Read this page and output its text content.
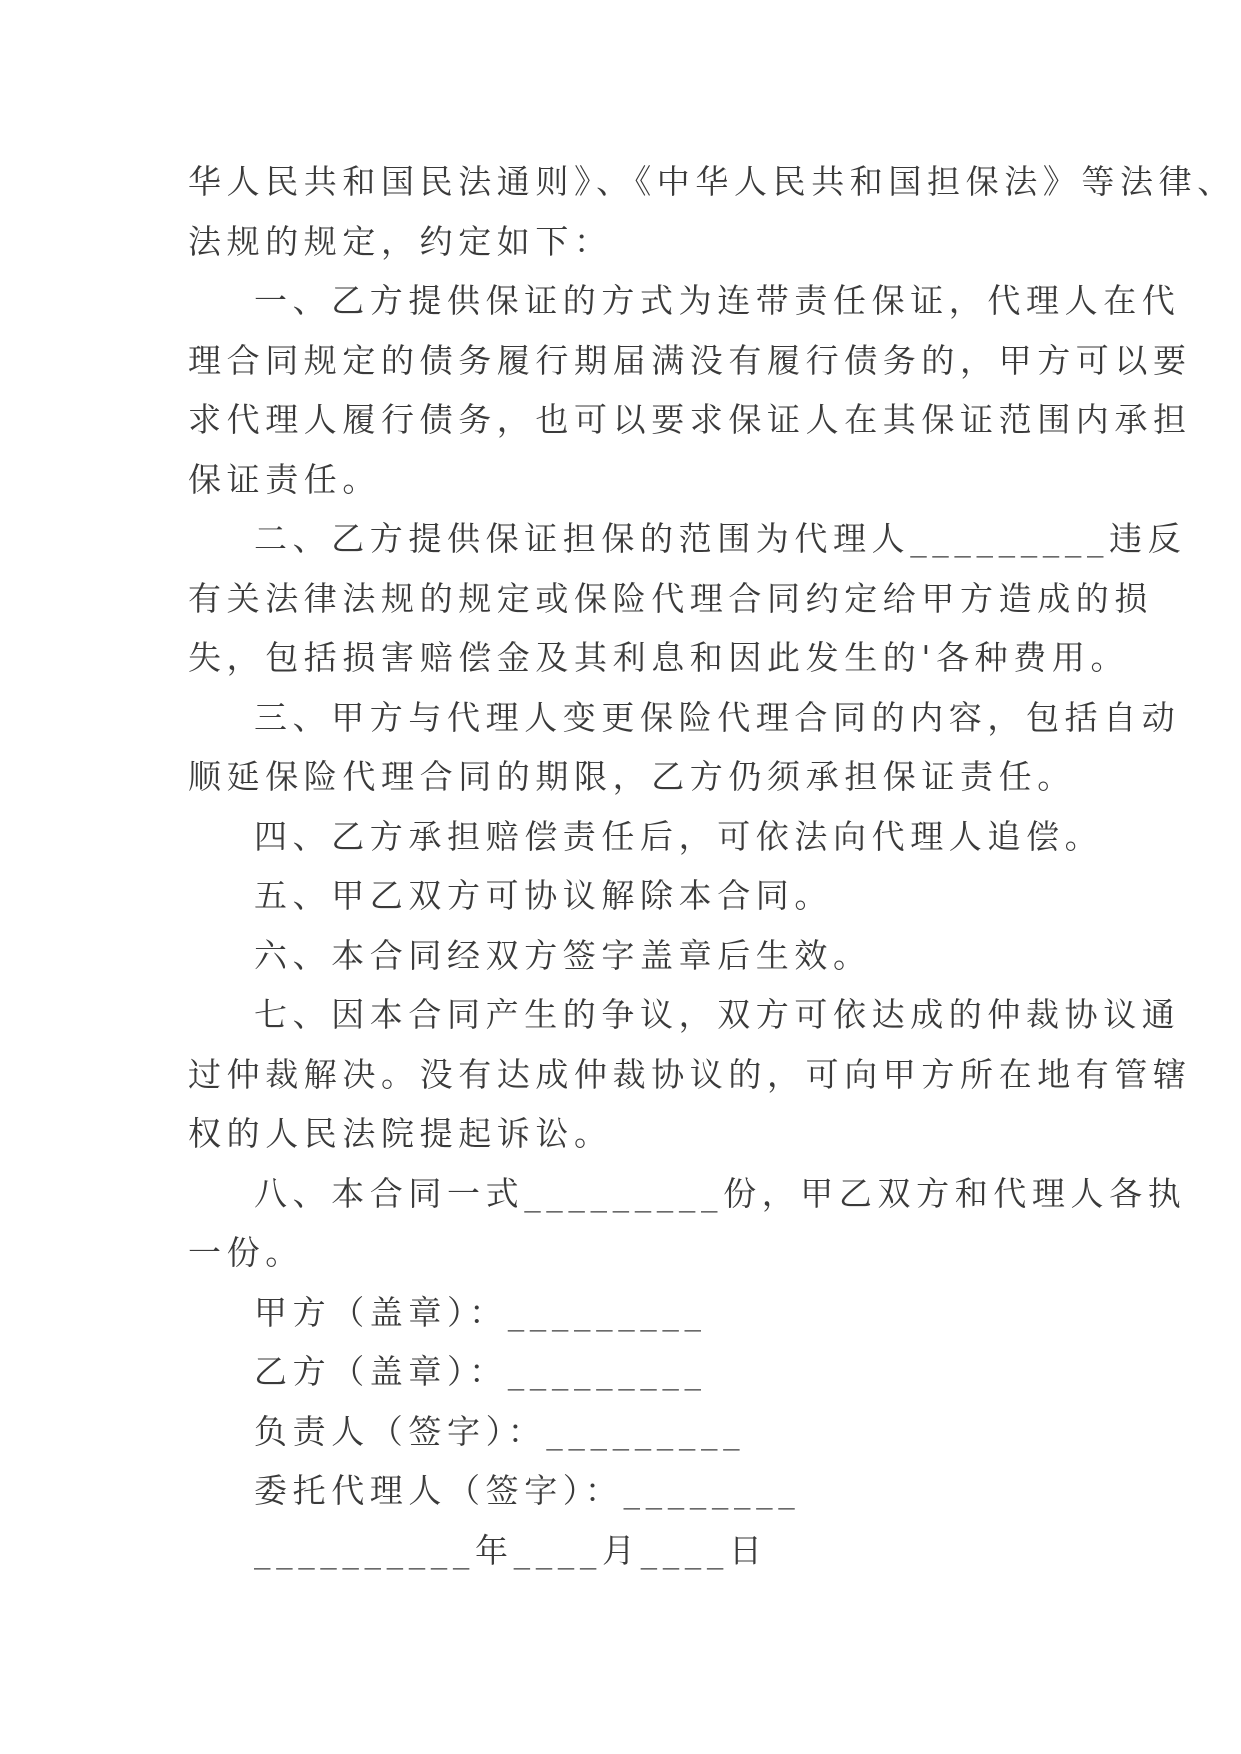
华人民共和国民法通则》、《中华人民共和国担保法》等法律、

法规的规定，约定如下：

一、乙方提供保证的方式为连带责任保证，代理人在代

理合同规定的债务履行期届满没有履行债务的，甲方可以要

求代理人履行债务，也可以要求保证人在其保证范围内承担

保证责任。

二、乙方提供保证担保的范围为代理人_________违反

有关法律法规的规定或保险代理合同约定给甲方造成的损

失，包括损害赔偿金及其利息和因此发生的'各种费用。

三、甲方与代理人变更保险代理合同的内容，包括自动

顺延保险代理合同的期限，乙方仍须承担保证责任。

四、乙方承担赔偿责任后，可依法向代理人追偿。

五、甲乙双方可协议解除本合同。

六、本合同经双方签字盖章后生效。

七、因本合同产生的争议，双方可依达成的仲裁协议通

过仲裁解决。没有达成仲裁协议的，可向甲方所在地有管辖

权的人民法院提起诉讼。

八、本合同一式_________份，甲乙双方和代理人各执

一份。

甲方（盖章）：_________

乙方（盖章）：_________

负责人（签字）：_________

委托代理人（签字）：________

__________年____月____日
